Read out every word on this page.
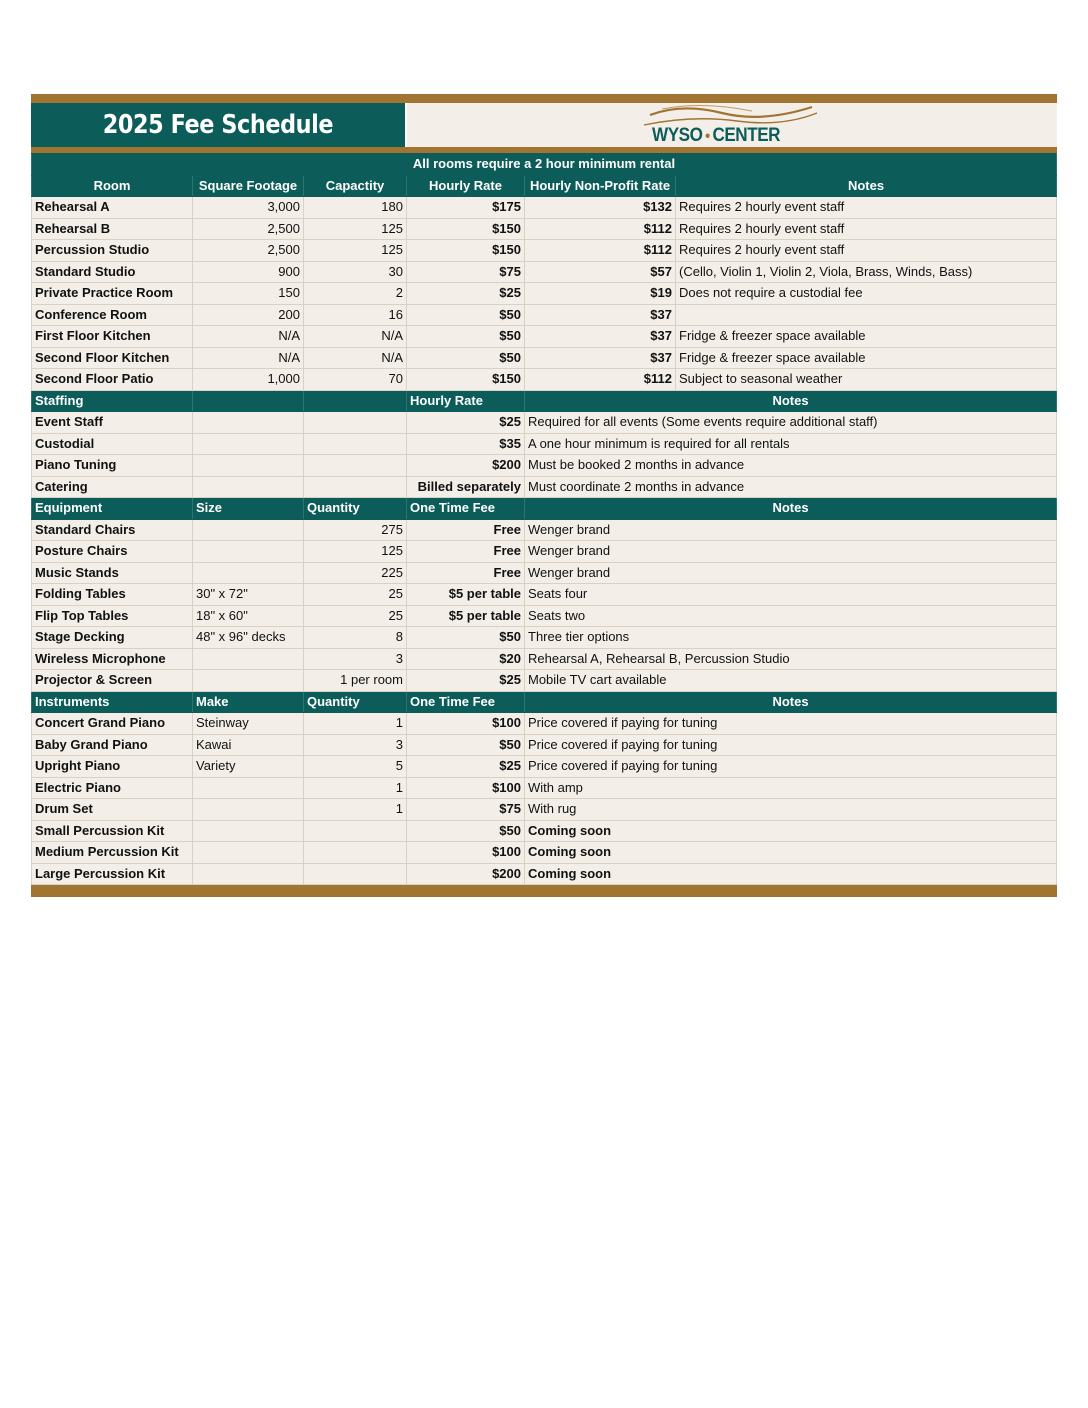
2025 Fee Schedule	WYSO • CENTER
All rooms require a 2 hour minimum rental					
Room	Square Footage	Capactity	Hourly Rate	Hourly Non-Profit Rate	Notes
Rehearsal A	3,000	180	$175	$132	Requires 2 hourly event staff
Rehearsal B	2,500	125	$150	$112	Requires 2 hourly event staff
Percussion Studio	2,500	125	$150	$112	Requires 2 hourly event staff
Standard Studio	900	30	$75	$57	(Cello, Violin 1, Violin 2, Viola, Brass, Winds, Bass)
Private Practice Room	150	2	$25	$19	Does not require a custodial fee
Conference Room	200	16	$50	$37	
First Floor Kitchen	N/A	N/A	$50	$37	Fridge & freezer space available
Second Floor Kitchen	N/A	N/A	$50	$37	Fridge & freezer space available
Second Floor Patio	1,000	70	$150	$112	Subject to seasonal weather
Staffing			Hourly Rate	Notes	
Event Staff			$25	Required for all events (Some events require additional staff)	
Custodial			$35	A one hour minimum is required for all rentals	
Piano Tuning			$200	Must be booked 2 months in advance	
Catering			Billed separately	Must coordinate 2 months in advance	
Equipment	Size	Quantity	One Time Fee	Notes	
Standard Chairs		275	Free	Wenger brand	
Posture Chairs		125	Free	Wenger brand	
Music Stands		225	Free	Wenger brand	
Folding Tables	30" x 72"	25	$5 per table	Seats four	
Flip Top Tables	18" x 60"	25	$5 per table	Seats two	
Stage Decking	48" x 96" decks	8	$50	Three tier options	
Wireless Microphone		3	$20	Rehearsal A, Rehearsal B, Percussion Studio	
Projector & Screen		1 per room	$25	Mobile TV cart available	
Instruments	Make	Quantity	One Time Fee	Notes	
Concert Grand Piano	Steinway	1	$100	Price covered if paying for tuning	
Baby Grand Piano	Kawai	3	$50	Price covered if paying for tuning	
Upright Piano	Variety	5	$25	Price covered if paying for tuning	
Electric Piano		1	$100	With amp	
Drum Set		1	$75	With rug	
Small Percussion Kit			$50	Coming soon	
Medium Percussion Kit			$100	Coming soon	
Large Percussion Kit			$200	Coming soon	
